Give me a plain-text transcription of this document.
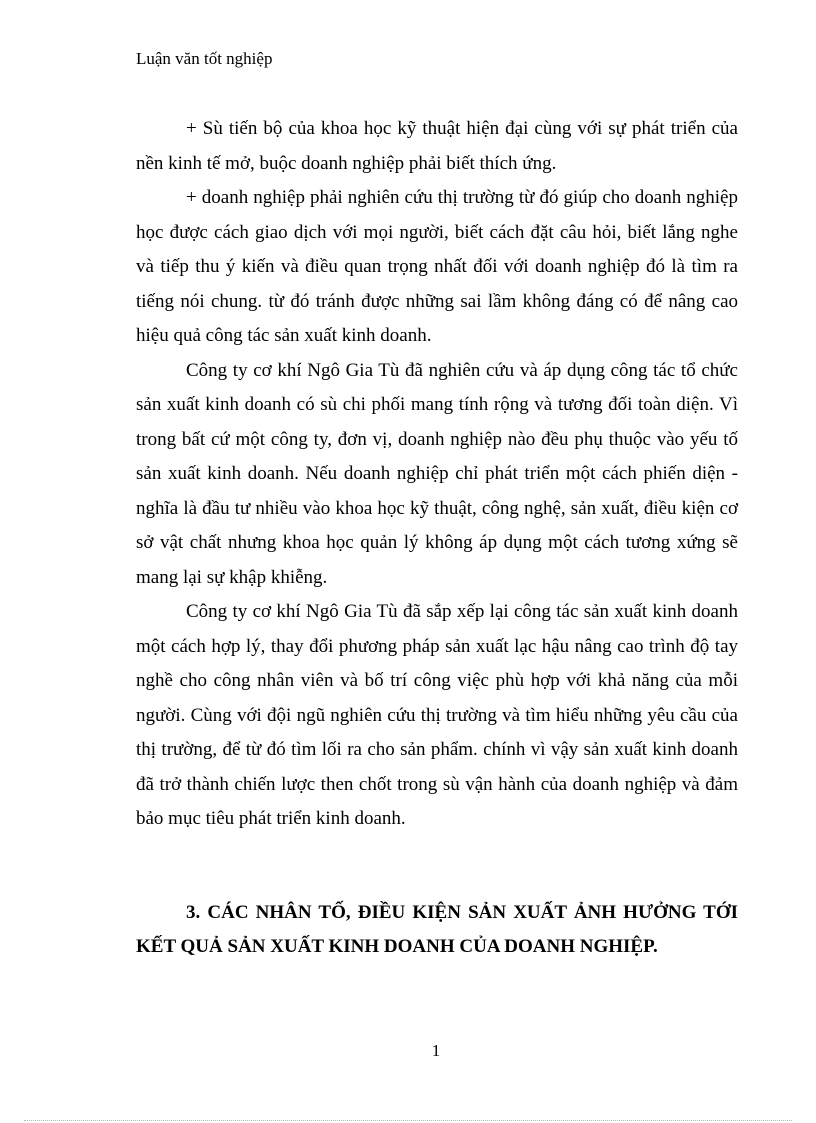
Luận văn tốt nghiệp

+ Sù tiến bộ của khoa học kỹ thuật hiện đại cùng với sự phát triển của nền kinh tế mở, buộc doanh nghiệp phải biết thích ứng.

+ doanh nghiệp phải nghiên cứu thị trường từ đó giúp cho doanh nghiệp học được cách giao dịch với mọi người, biết cách đặt câu hỏi, biết lắng nghe và tiếp thu ý kiến và điều quan trọng nhất đối với doanh nghiệp đó là tìm ra tiếng nói chung. từ đó tránh được những sai lầm không đáng có để nâng cao hiệu quả công tác sản xuất kinh doanh.

Công ty cơ khí Ngô Gia Tù đã nghiên cứu và áp dụng công tác tổ chức sản xuất kinh doanh có sù chi phối mang tính rộng và tương đối toàn diện. Vì trong bất cứ một công ty, đơn vị, doanh nghiệp nào đều phụ thuộc vào yếu tố sản xuất kinh doanh. Nếu doanh nghiệp chỉ phát triển một cách phiến diện - nghĩa là đầu tư nhiều vào khoa học kỹ thuật, công nghệ, sản xuất, điều kiện cơ sở vật chất nhưng khoa học quản lý không áp dụng một cách tương xứng sẽ mang lại sự khập khiễng.

Công ty cơ khí Ngô Gia Tù đã sắp xếp lại công tác sản xuất kinh doanh một cách hợp lý, thay đổi phương pháp sản xuất lạc hậu nâng cao trình độ tay nghề cho công nhân viên và bố trí công việc phù hợp với khả năng của mỗi người. Cùng với đội ngũ nghiên cứu thị trường và tìm hiểu những yêu cầu của thị trường, để từ đó tìm lối ra cho sản phẩm. chính vì vậy sản xuất kinh doanh đã trở thành chiến lược then chốt trong sù vận hành của doanh nghiệp và đảm bảo mục tiêu phát triển kinh doanh.

3. CÁC NHÂN TỐ, ĐIỀU KIỆN SẢN XUẤT ẢNH HƯỞNG TỚI KẾT QUẢ SẢN XUẤT KINH DOANH CỦA DOANH NGHIỆP.

1
